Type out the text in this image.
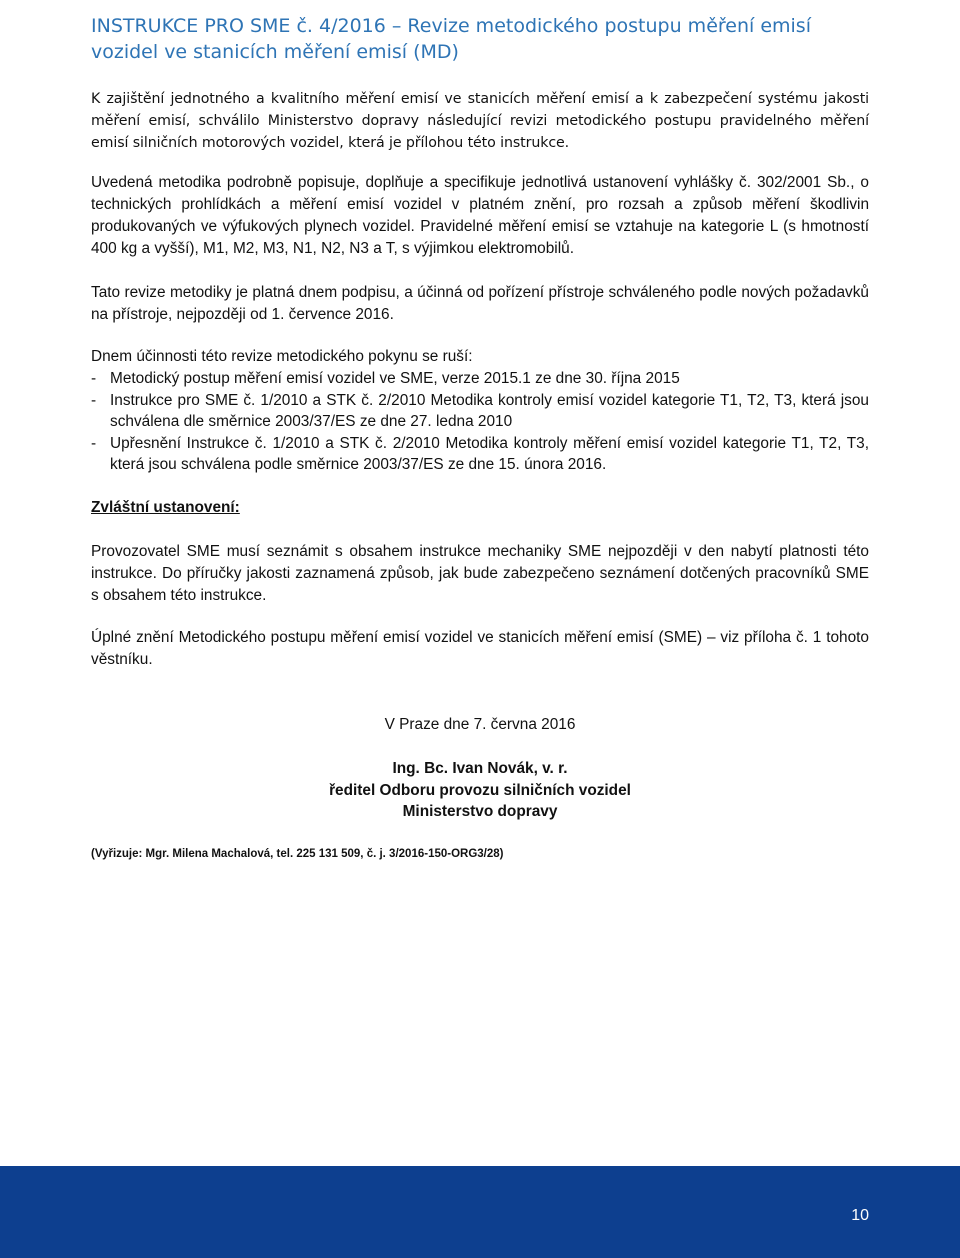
INSTRUKCE PRO SME č. 4/2016 – Revize metodického postupu měření emisí vozidel ve stanicích měření emisí (MD)

K zajištění jednotného a kvalitního měření emisí ve stanicích měření emisí a k zabezpečení systému jakosti měření emisí, schválilo Ministerstvo dopravy následující revizi metodického postupu pravidelného měření emisí silničních motorových vozidel, která je přílohou této instrukce.

Uvedená metodika podrobně popisuje, doplňuje a specifikuje jednotlivá ustanovení vyhlášky č. 302/2001 Sb., o technických prohlídkách a měření emisí vozidel v platném znění, pro rozsah a způsob měření škodlivin produkovaných ve výfukových plynech vozidel. Pravidelné měření emisí se vztahuje na kategorie L (s hmotností 400 kg a vyšší), M1, M2, M3, N1, N2, N3 a T, s výjimkou elektromobilů.

Tato revize metodiky je platná dnem podpisu, a účinná od pořízení přístroje schváleného podle nových požadavků na přístroje, nejpozději od 1. července 2016.

Dnem účinnosti této revize metodického pokynu se ruší:

- Metodický postup měření emisí vozidel ve SME, verze 2015.1 ze dne 30. října 2015
- Instrukce pro SME č. 1/2010 a STK č. 2/2010 Metodika kontroly emisí vozidel kategorie T1, T2, T3, která jsou schválena dle směrnice 2003/37/ES ze dne 27. ledna 2010
- Upřesnění Instrukce č. 1/2010 a STK č. 2/2010 Metodika kontroly měření emisí vozidel kategorie T1, T2, T3, která jsou schválena podle směrnice 2003/37/ES ze dne 15. února 2016.

Zvláštní ustanovení:

Provozovatel SME musí seznámit s obsahem instrukce mechaniky SME nejpozději v den nabytí platnosti této instrukce. Do příručky jakosti zaznamená způsob, jak bude zabezpečeno seznámení dotčených pracovníků SME s obsahem této instrukce.

Úplné znění Metodického postupu měření emisí vozidel ve stanicích měření emisí (SME) – viz příloha č. 1 tohoto věstníku.

V Praze dne 7. června 2016
Ing. Bc. Ivan Novák, v. r.
ředitel Odboru provozu silničních vozidel
Ministerstvo dopravy

(Vyřizuje: Mgr. Milena Machalová, tel. 225 131 509, č. j. 3/2016-150-ORG3/28)

10
